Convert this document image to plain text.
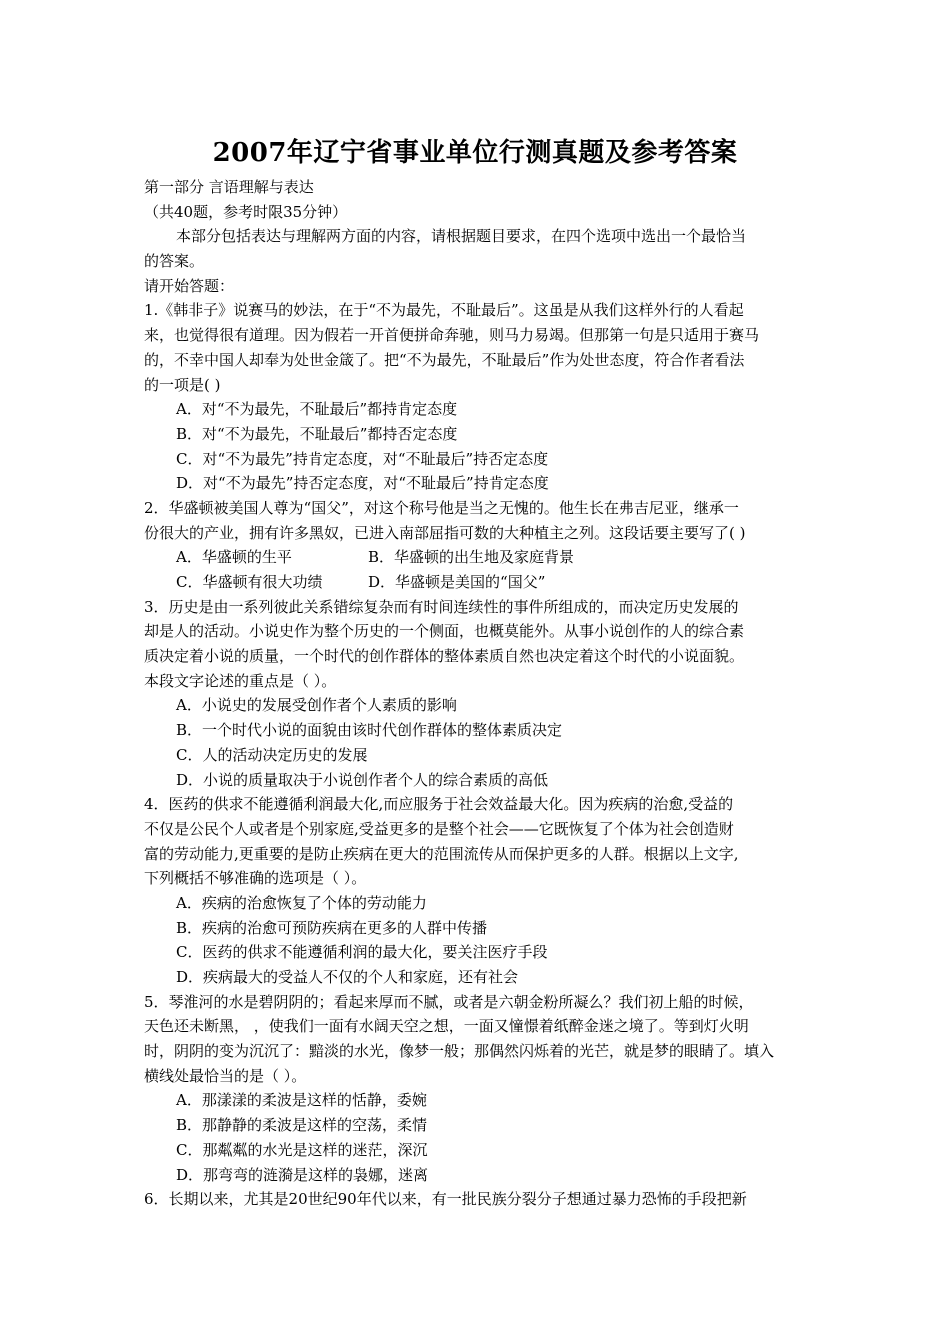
2007年辽宁省事业单位行测真题及参考答案
第一部分 言语理解与表达
（共40题，参考时限35分钟）
本部分包括表达与理解两方面的内容，请根据题目要求，在四个选项中选出一个最恰当
的答案。
请开始答题：
1.《韩非子》说赛马的妙法，在于“不为最先，不耻最后”。这虽是从我们这样外行的人看起
来，也觉得很有道理。因为假若一开首便拼命奔驰，则马力易竭。但那第一句是只适用于赛马
的，不幸中国人却奉为处世金箴了。把“不为最先，不耻最后”作为处世态度，符合作者看法
的一项是( )
A．对“不为最先，不耻最后”都持肯定态度
B．对“不为最先，不耻最后”都持否定态度
C．对“不为最先”持肯定态度，对“不耻最后”持否定态度
D．对“不为最先”持否定态度，对“不耻最后”持肯定态度
2．华盛顿被美国人尊为“国父”，对这个称号他是当之无愧的。他生长在弗吉尼亚，继承一
份很大的产业，拥有许多黑奴，已进入南部屈指可数的大种植主之列。这段话要主要写了( )
A．华盛顿的生平	B．华盛顿的出生地及家庭背景
C．华盛顿有很大功绩	D．华盛顿是美国的“国父”
3．历史是由一系列彼此关系错综复杂而有时间连续性的事件所组成的，而决定历史发展的
却是人的活动。小说史作为整个历史的一个侧面，也概莫能外。从事小说创作的人的综合素
质决定着小说的质量，一个时代的创作群体的整体素质自然也决定着这个时代的小说面貌。
本段文字论述的重点是（ ）。
A．小说史的发展受创作者个人素质的影响
B．一个时代小说的面貌由该时代创作群体的整体素质决定
C．人的活动决定历史的发展
D．小说的质量取决于小说创作者个人的综合素质的高低
4．医药的供求不能遵循利润最大化,而应服务于社会效益最大化。因为疾病的治愈,受益的
不仅是公民个人或者是个别家庭,受益更多的是整个社会——它既恢复了个体为社会创造财
富的劳动能力,更重要的是防止疾病在更大的范围流传从而保护更多的人群。根据以上文字,
下列概括不够准确的选项是（ ）。
A．疾病的治愈恢复了个体的劳动能力
B．疾病的治愈可预防疾病在更多的人群中传播
C．医药的供求不能遵循利润的最大化，要关注医疗手段
D．疾病最大的受益人不仅的个人和家庭，还有社会
5．琴淮河的水是碧阴阴的；看起来厚而不腻，或者是六朝金粉所凝么？我们初上船的时候，
天色还未断黑， ，使我们一面有水阔天空之想，一面又憧憬着纸醉金迷之境了。等到灯火明
时，阴阴的变为沉沉了：黯淡的水光，像梦一般；那偶然闪烁着的光芒，就是梦的眼睛了。填入
横线处最恰当的是（ ）。
A．那漾漾的柔波是这样的恬静，委婉
B．那静静的柔波是这样的空荡，柔情
C．那粼粼的水光是这样的迷茫，深沉
D．那弯弯的涟漪是这样的袅娜，迷离
6．长期以来，尤其是20世纪90年代以来，有一批民族分裂分子想通过暴力恐怖的手段把新
